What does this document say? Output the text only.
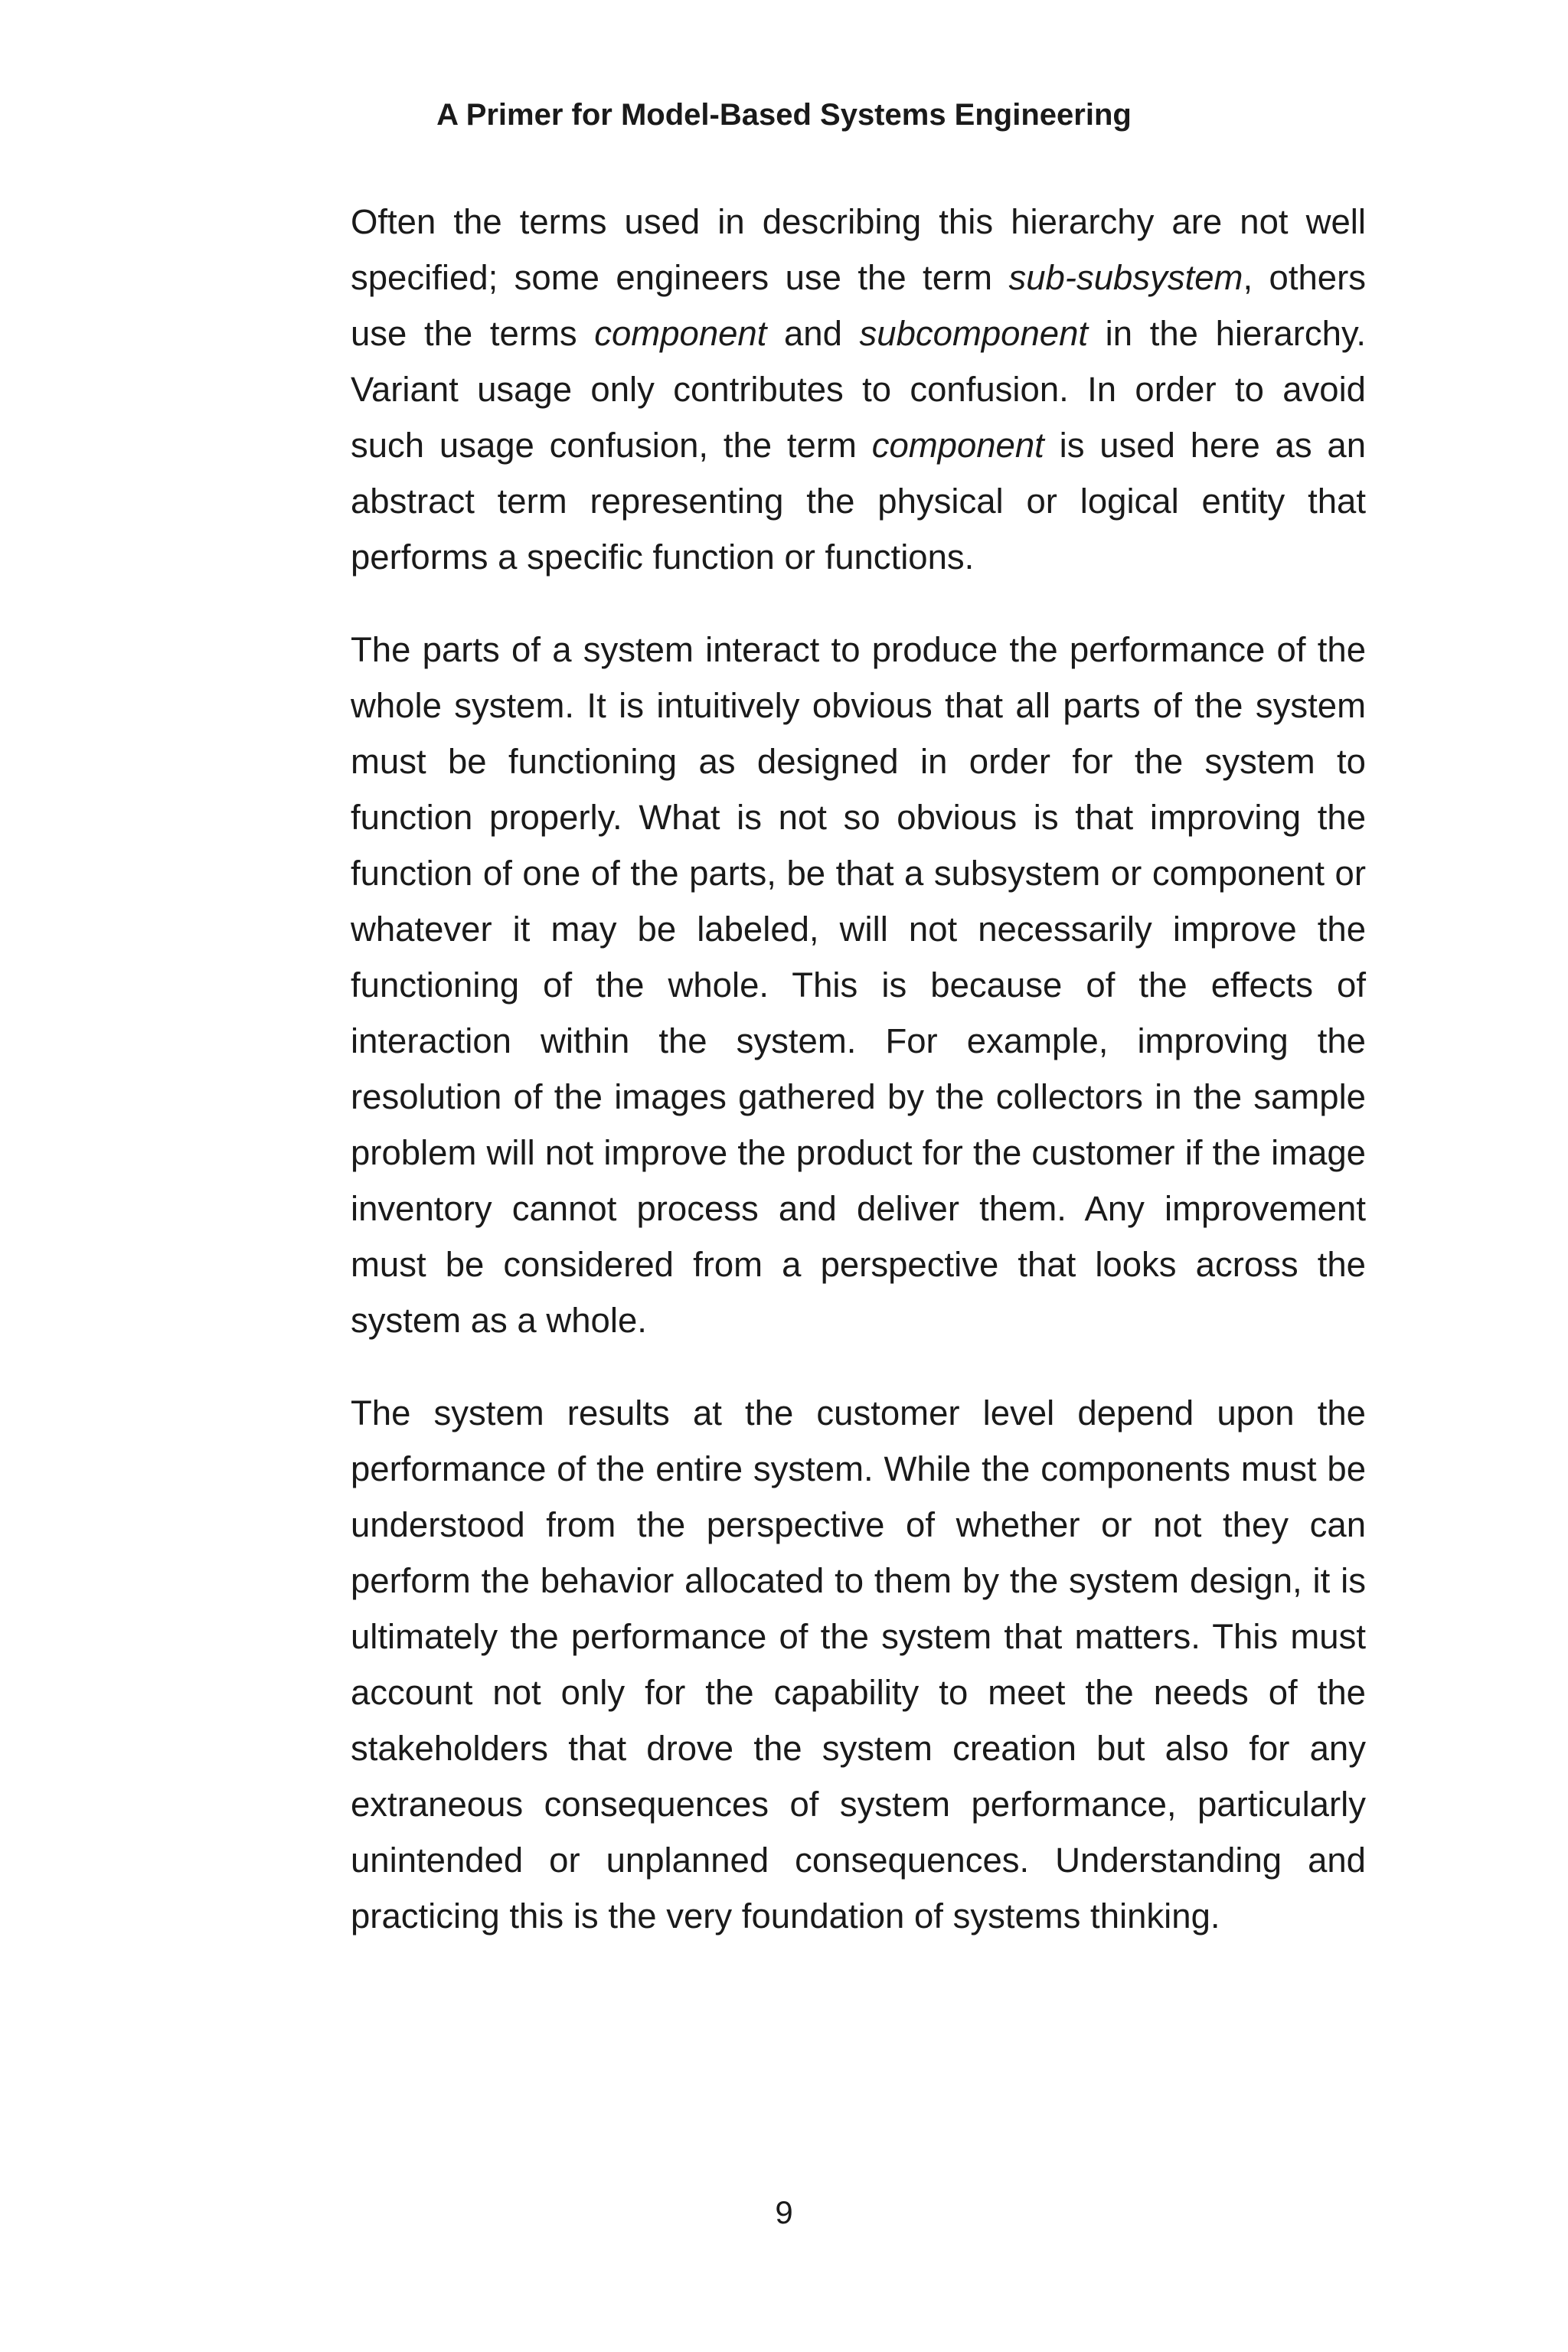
A Primer for Model-Based Systems Engineering

Often the terms used in describing this hierarchy are not well specified; some engineers use the term sub-subsystem, others use the terms component and subcomponent in the hierarchy. Variant usage only contributes to confusion. In order to avoid such usage confusion, the term component is used here as an abstract term representing the physical or logical entity that performs a specific function or functions.

The parts of a system interact to produce the performance of the whole system. It is intuitively obvious that all parts of the system must be functioning as designed in order for the system to function properly. What is not so obvious is that improving the function of one of the parts, be that a subsystem or component or whatever it may be labeled, will not necessarily improve the functioning of the whole. This is because of the effects of interaction within the system. For example, improving the resolution of the images gathered by the collectors in the sample problem will not improve the product for the customer if the image inventory cannot process and deliver them. Any improvement must be considered from a perspective that looks across the system as a whole.

The system results at the customer level depend upon the performance of the entire system. While the components must be understood from the perspective of whether or not they can perform the behavior allocated to them by the system design, it is ultimately the performance of the system that matters. This must account not only for the capability to meet the needs of the stakeholders that drove the system creation but also for any extraneous consequences of system performance, particularly unintended or unplanned consequences. Understanding and practicing this is the very foundation of systems thinking.

9
